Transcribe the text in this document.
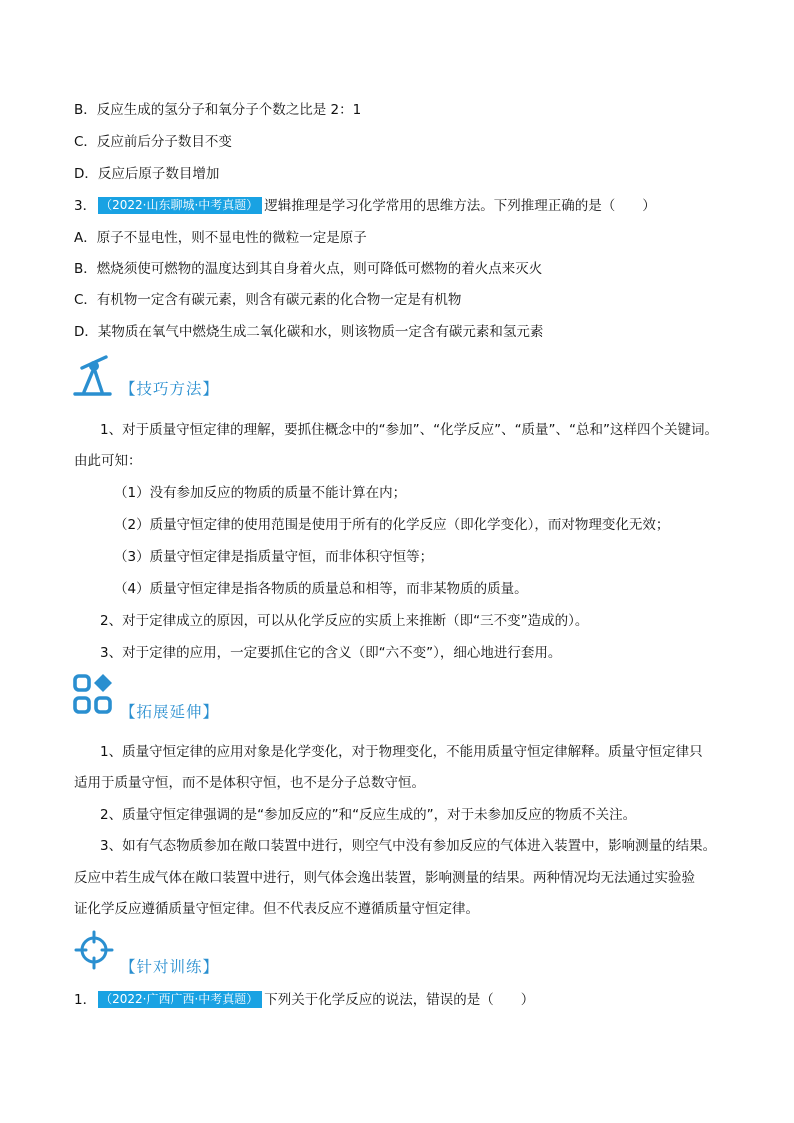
B．反应生成的氢分子和氧分子个数之比是 2：1
C．反应前后分子数目不变
D．反应后原子数目增加
3． （2022·山东聊城·中考真题） 逻辑推理是学习化学常用的思维方法。下列推理正确的是（　　）
A．原子不显电性，则不显电性的微粒一定是原子
B．燃烧须使可燃物的温度达到其自身着火点，则可降低可燃物的着火点来灭火
C．有机物一定含有碳元素，则含有碳元素的化合物一定是有机物
D．某物质在氧气中燃烧生成二氧化碳和水，则该物质一定含有碳元素和氢元素
【技巧方法】
1、对于质量守恒定律的理解，要抓住概念中的“参加”、“化学反应”、“质量”、“总和”这样四个关键词。
由此可知：
（1）没有参加反应的物质的质量不能计算在内；
（2）质量守恒定律的使用范围是使用于所有的化学反应（即化学变化），而对物理变化无效；
（3）质量守恒定律是指质量守恒，而非体积守恒等；
（4）质量守恒定律是指各物质的质量总和相等，而非某物质的质量。
2、对于定律成立的原因，可以从化学反应的实质上来推断（即“三不变”造成的）。
3、对于定律的应用，一定要抓住它的含义（即“六不变”），细心地进行套用。
【拓展延伸】
1、质量守恒定律的应用对象是化学变化，对于物理变化，不能用质量守恒定律解释。质量守恒定律只
适用于质量守恒，而不是体积守恒，也不是分子总数守恒。
2、质量守恒定律强调的是“参加反应的”和“反应生成的”，对于未参加反应的物质不关注。
3、如有气态物质参加在敞口装置中进行，则空气中没有参加反应的气体进入装置中，影响测量的结果。
反应中若生成气体在敞口装置中进行，则气体会逸出装置，影响测量的结果。两种情况均无法通过实验验
证化学反应遵循质量守恒定律。但不代表反应不遵循质量守恒定律。
【针对训练】
1． （2022·广西广西·中考真题） 下列关于化学反应的说法，错误的是（　　）
